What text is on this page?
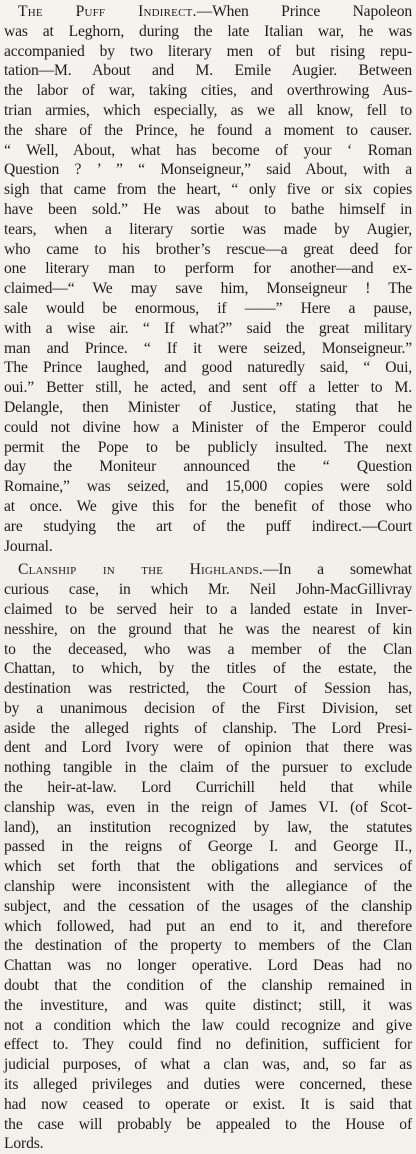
The Puff Indirect.—When Prince Napoleon
was at Leghorn, during the late Italian war, he was
accompanied by two literary men of but rising repu-
tation—M. About and M. Emile Augier. Between
the labor of war, taking cities, and overthrowing Aus-
trian armies, which especially, as we all know, fell to
the share of the Prince, he found a moment to causer.
“ Well, About, what has become of your ‘ Roman
Question ? ’ ” “ Monseigneur,” said About, with a
sigh that came from the heart, “ only five or six copies
have been sold.” He was about to bathe himself in
tears, when a literary sortie was made by Augier,
who came to his brother’s rescue—a great deed for
one literary man to perform for another—and ex-
claimed—“ We may save him, Monseigneur ! The
sale would be enormous, if ——” Here a pause,
with a wise air. “ If what?” said the great military
man and Prince. “ If it were seized, Monseigneur.”
The Prince laughed, and good naturedly said, “ Oui,
oui.” Better still, he acted, and sent off a letter to M.
Delangle, then Minister of Justice, stating that he
could not divine how a Minister of the Emperor could
permit the Pope to be publicly insulted. The next
day the Moniteur announced the “ Question
Romaine,” was seized, and 15,000 copies were sold
at once. We give this for the benefit of those who
are studying the art of the puff indirect.—Court
Journal.
Clanship in the Highlands.—In a somewhat
curious case, in which Mr. Neil John-MacGillivray
claimed to be served heir to a landed estate in Inver-
nesshire, on the ground that he was the nearest of kin
to the deceased, who was a member of the Clan
Chattan, to which, by the titles of the estate, the
destination was restricted, the Court of Session has,
by a unanimous decision of the First Division, set
aside the alleged rights of clanship. The Lord Presi-
dent and Lord Ivory were of opinion that there was
nothing tangible in the claim of the pursuer to exclude
the heir-at-law. Lord Currichill held that while
clanship was, even in the reign of James VI. (of Scot-
land), an institution recognized by law, the statutes
passed in the reigns of George I. and George II.,
which set forth that the obligations and services of
clanship were inconsistent with the allegiance of the
subject, and the cessation of the usages of the clanship
which followed, had put an end to it, and therefore
the destination of the property to members of the Clan
Chattan was no longer operative. Lord Deas had no
doubt that the condition of the clanship remained in
the investiture, and was quite distinct; still, it was
not a condition which the law could recognize and give
effect to. They could find no definition, sufficient for
judicial purposes, of what a clan was, and, so far as
its alleged privileges and duties were concerned, these
had now ceased to operate or exist. It is said that
the case will probably be appealed to the House of
Lords.
